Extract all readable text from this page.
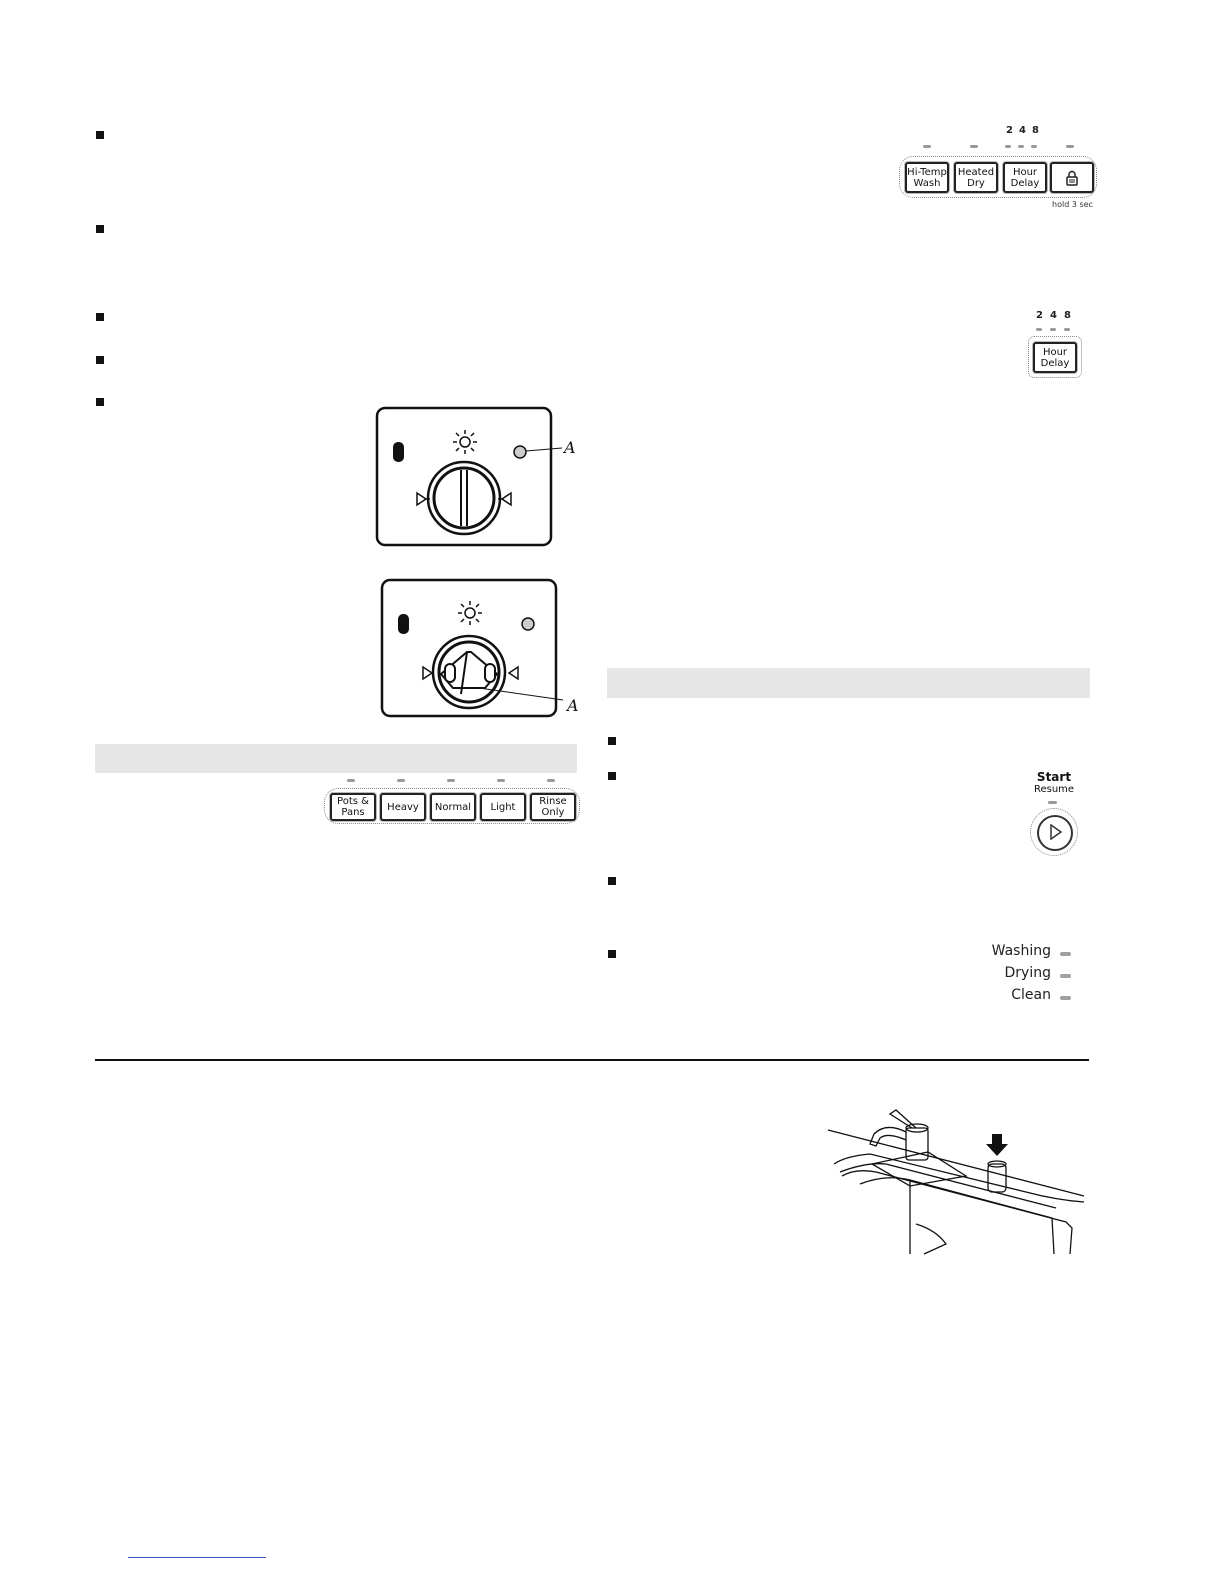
A
A
Pots & Pans	Heavy	Normal	Light	Rinse Only
2 4 8
Hi-Temp Wash
Heated Dry
Hour Delay
hold 3 sec
2 4 8
Hour Delay
Start
Resume
Washing
Drying
Clean
